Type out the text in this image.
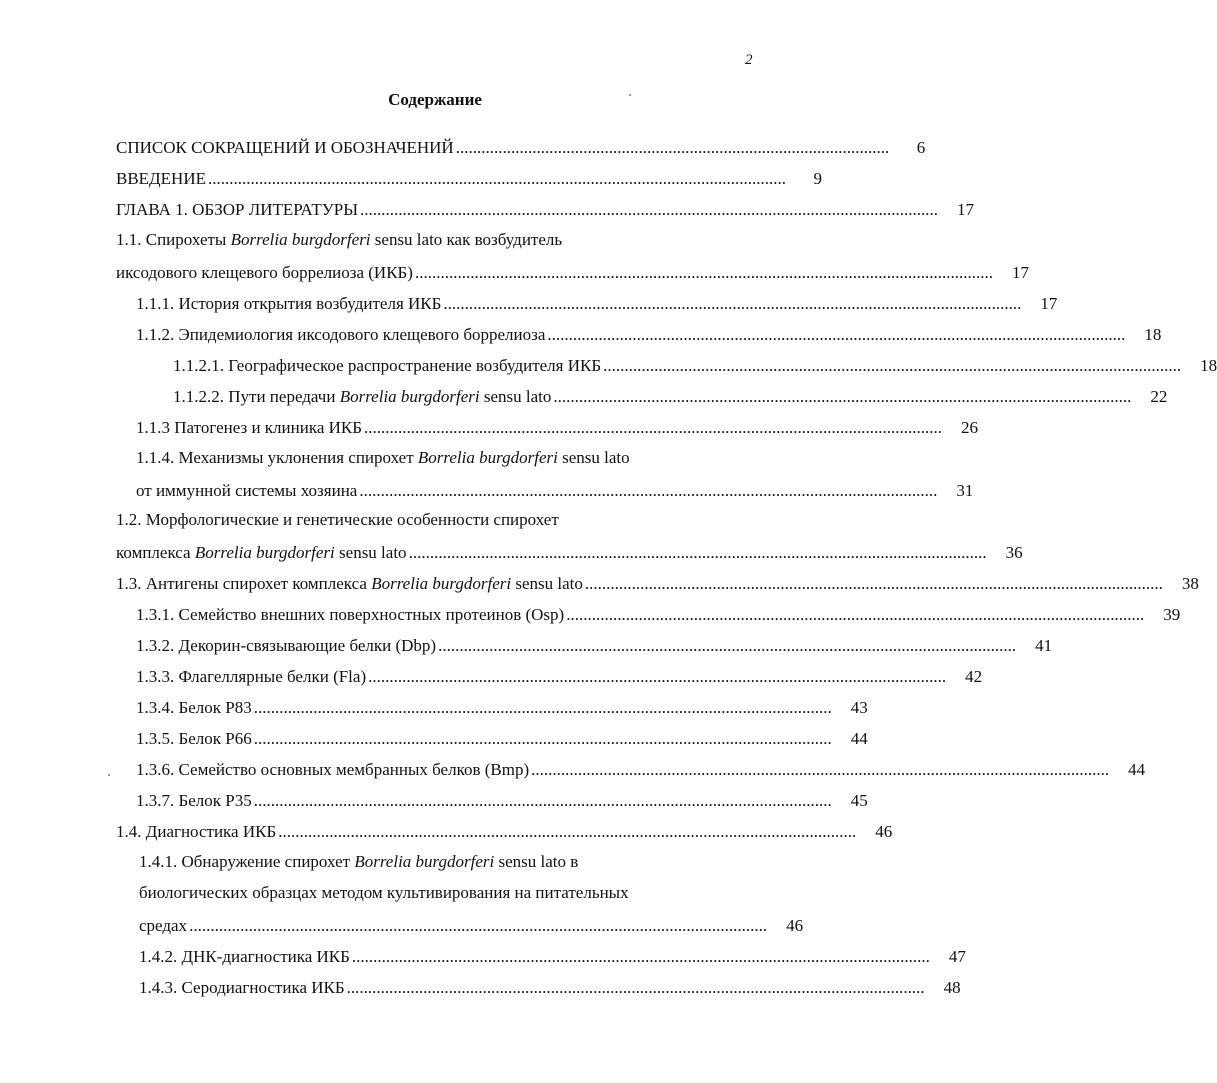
2
Содержание
СПИСОК СОКРАЩЕНИЙ И ОБОЗНАЧЕНИЙ ......................................................................................................	6
ВВЕДЕНИЕ ........................................................................................................................................	9
ГЛАВА 1. ОБЗОР ЛИТЕРАТУРЫ ........................................................................................................................................	17
1.1. Спирохеты Borrelia burgdorferi sensu lato как возбудитель
иксодового клещевого боррелиоза (ИКБ) ........................................................................................................................................	17
1.1.1. История открытия возбудителя ИКБ ........................................................................................................................................	17
1.1.2. Эпидемиология иксодового клещевого боррелиоза ........................................................................................................................................	18
1.1.2.1. Географическое распространение возбудителя ИКБ ........................................................................................................................................	18
1.1.2.2. Пути передачи Borrelia burgdorferi sensu lato ........................................................................................................................................	22
1.1.3 Патогенез и клиника ИКБ ........................................................................................................................................	26
1.1.4. Механизмы уклонения спирохет Borrelia burgdorferi sensu lato
от иммунной системы хозяина ........................................................................................................................................	31
1.2. Морфологические и генетические особенности спирохет
комплекса Borrelia burgdorferi sensu lato ........................................................................................................................................	36
1.3. Антигены спирохет комплекса Borrelia burgdorferi sensu lato ........................................................................................................................................	38
1.3.1. Семейство внешних поверхностных протеинов (Osp) ........................................................................................................................................	39
1.3.2. Декорин-связывающие белки (Dbp) ........................................................................................................................................	41
1.3.3. Флагеллярные белки (Fla) ........................................................................................................................................	42
1.3.4. Белок Р83 ........................................................................................................................................	43
1.3.5. Белок Р66 ........................................................................................................................................	44
1.3.6. Семейство основных мембранных белков (Bmp) ........................................................................................................................................	44
1.3.7. Белок Р35 ........................................................................................................................................	45
1.4. Диагностика ИКБ ........................................................................................................................................	46
1.4.1. Обнаружение спирохет Borrelia burgdorferi sensu lato в
биологических образцах методом культивирования на питательных
средах ........................................................................................................................................	46
1.4.2. ДНК-диагностика ИКБ ........................................................................................................................................	47
1.4.3. Серодиагностика ИКБ ........................................................................................................................................	48
